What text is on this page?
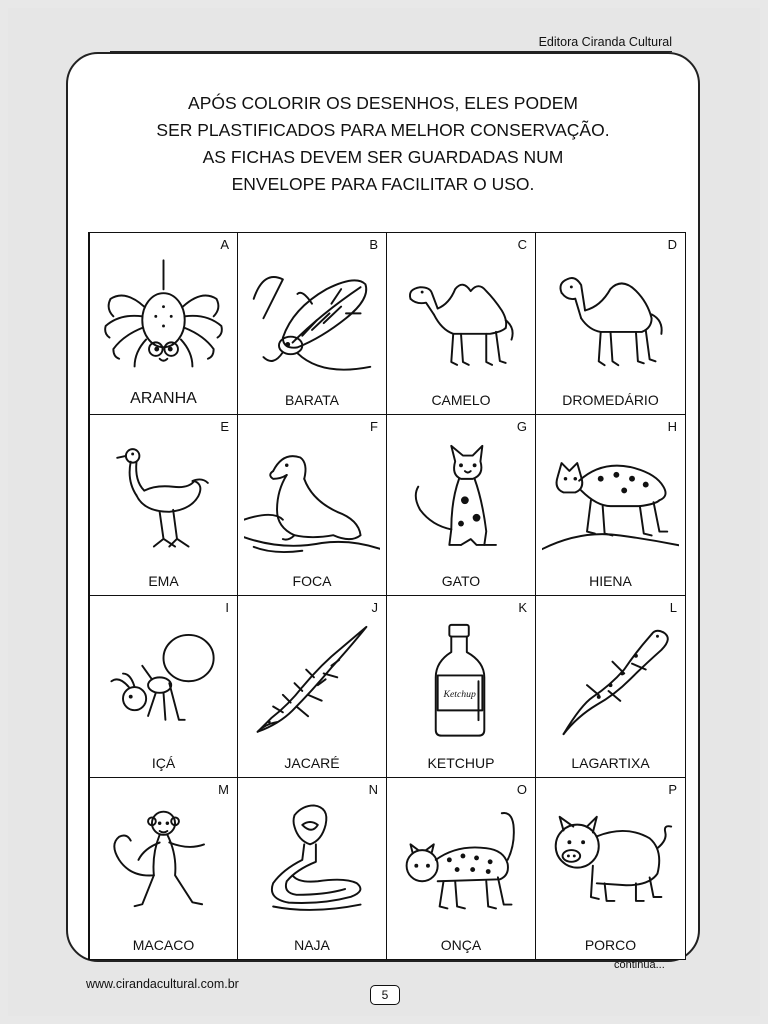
Editora Ciranda Cultural
APÓS COLORIR OS DESENHOS, ELES PODEM
SER PLASTIFICADOS PARA MELHOR CONSERVAÇÃO.
AS FICHAS DEVEM SER GUARDADAS NUM
ENVELOPE PARA FACILITAR O USO.
A
ARANHA
B
BARATA
C
CAMELO
D
DROMEDÁRIO
E
EMA
F
FOCA
G
GATO
H
HIENA
I
IÇÁ
J
JACARÉ
K
Ketchup
KETCHUP
L
LAGARTIXA
M
MACACO
N
NAJA
O
ONÇA
P
PORCO
continua...
www.cirandacultural.com.br
5
